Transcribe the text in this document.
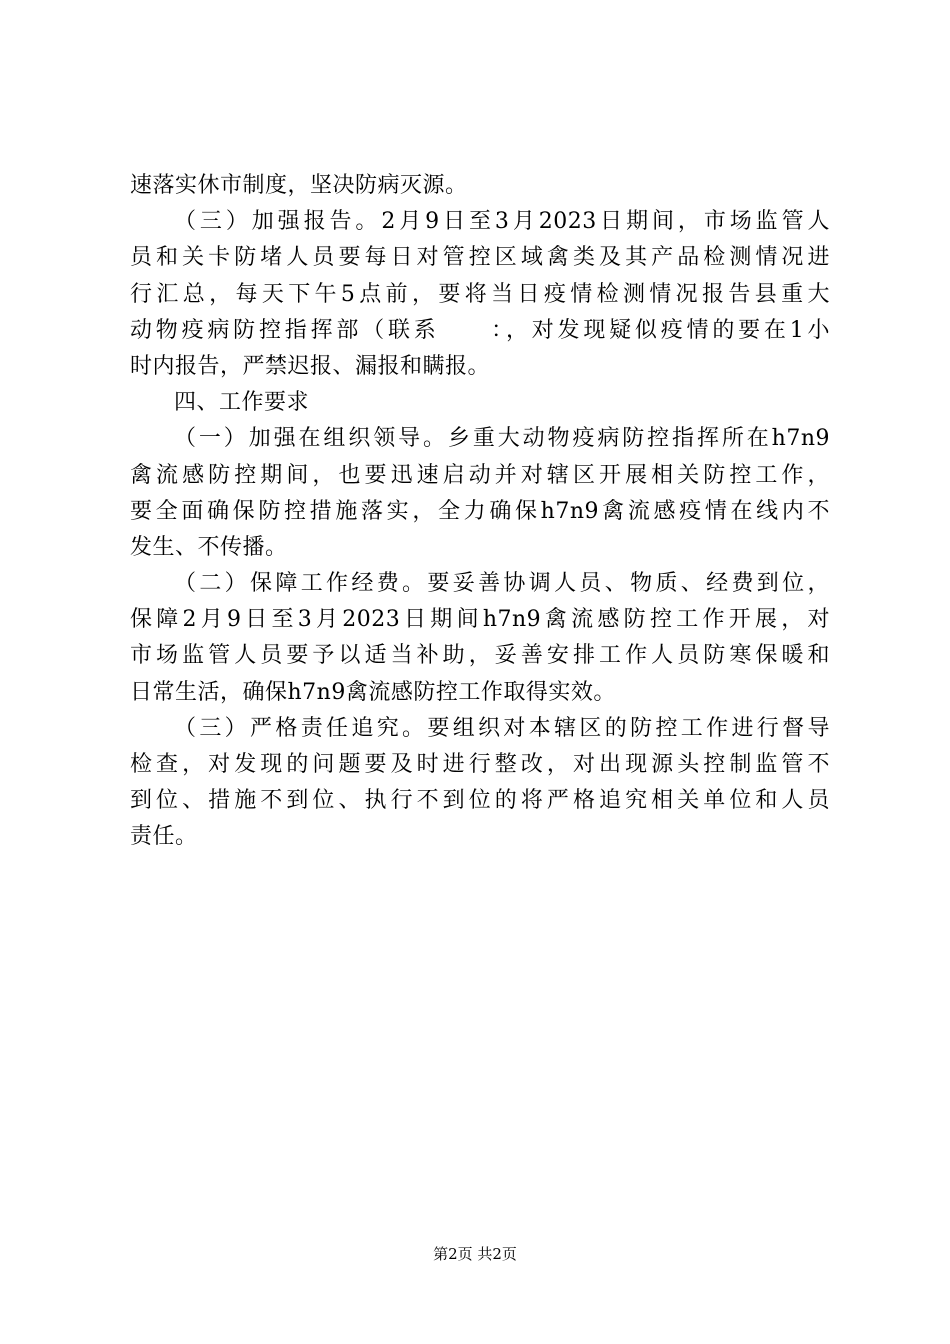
速落实休市制度，坚决防病灭源。
（三）加强报告。2月9日至3月2023日期间，市场监管人
员和关卡防堵人员要每日对管控区域禽类及其产品检测情况进
行汇总，每天下午5点前，要将当日疫情检测情况报告县重大
动物疫病防控指挥部（联系　　：，对发现疑似疫情的要在1小
时内报告，严禁迟报、漏报和瞒报。
四、工作要求
（一）加强在组织领导。乡重大动物疫病防控指挥所在h7n9
禽流感防控期间，也要迅速启动并对辖区开展相关防控工作，
要全面确保防控措施落实，全力确保h7n9禽流感疫情在线内不
发生、不传播。
（二）保障工作经费。要妥善协调人员、物质、经费到位，
保障2月9日至3月2023日期间h7n9禽流感防控工作开展，对
市场监管人员要予以适当补助，妥善安排工作人员防寒保暖和
日常生活，确保h7n9禽流感防控工作取得实效。
（三）严格责任追究。要组织对本辖区的防控工作进行督导
检查，对发现的问题要及时进行整改，对出现源头控制监管不
到位、措施不到位、执行不到位的将严格追究相关单位和人员
责任。
第2页 共2页
